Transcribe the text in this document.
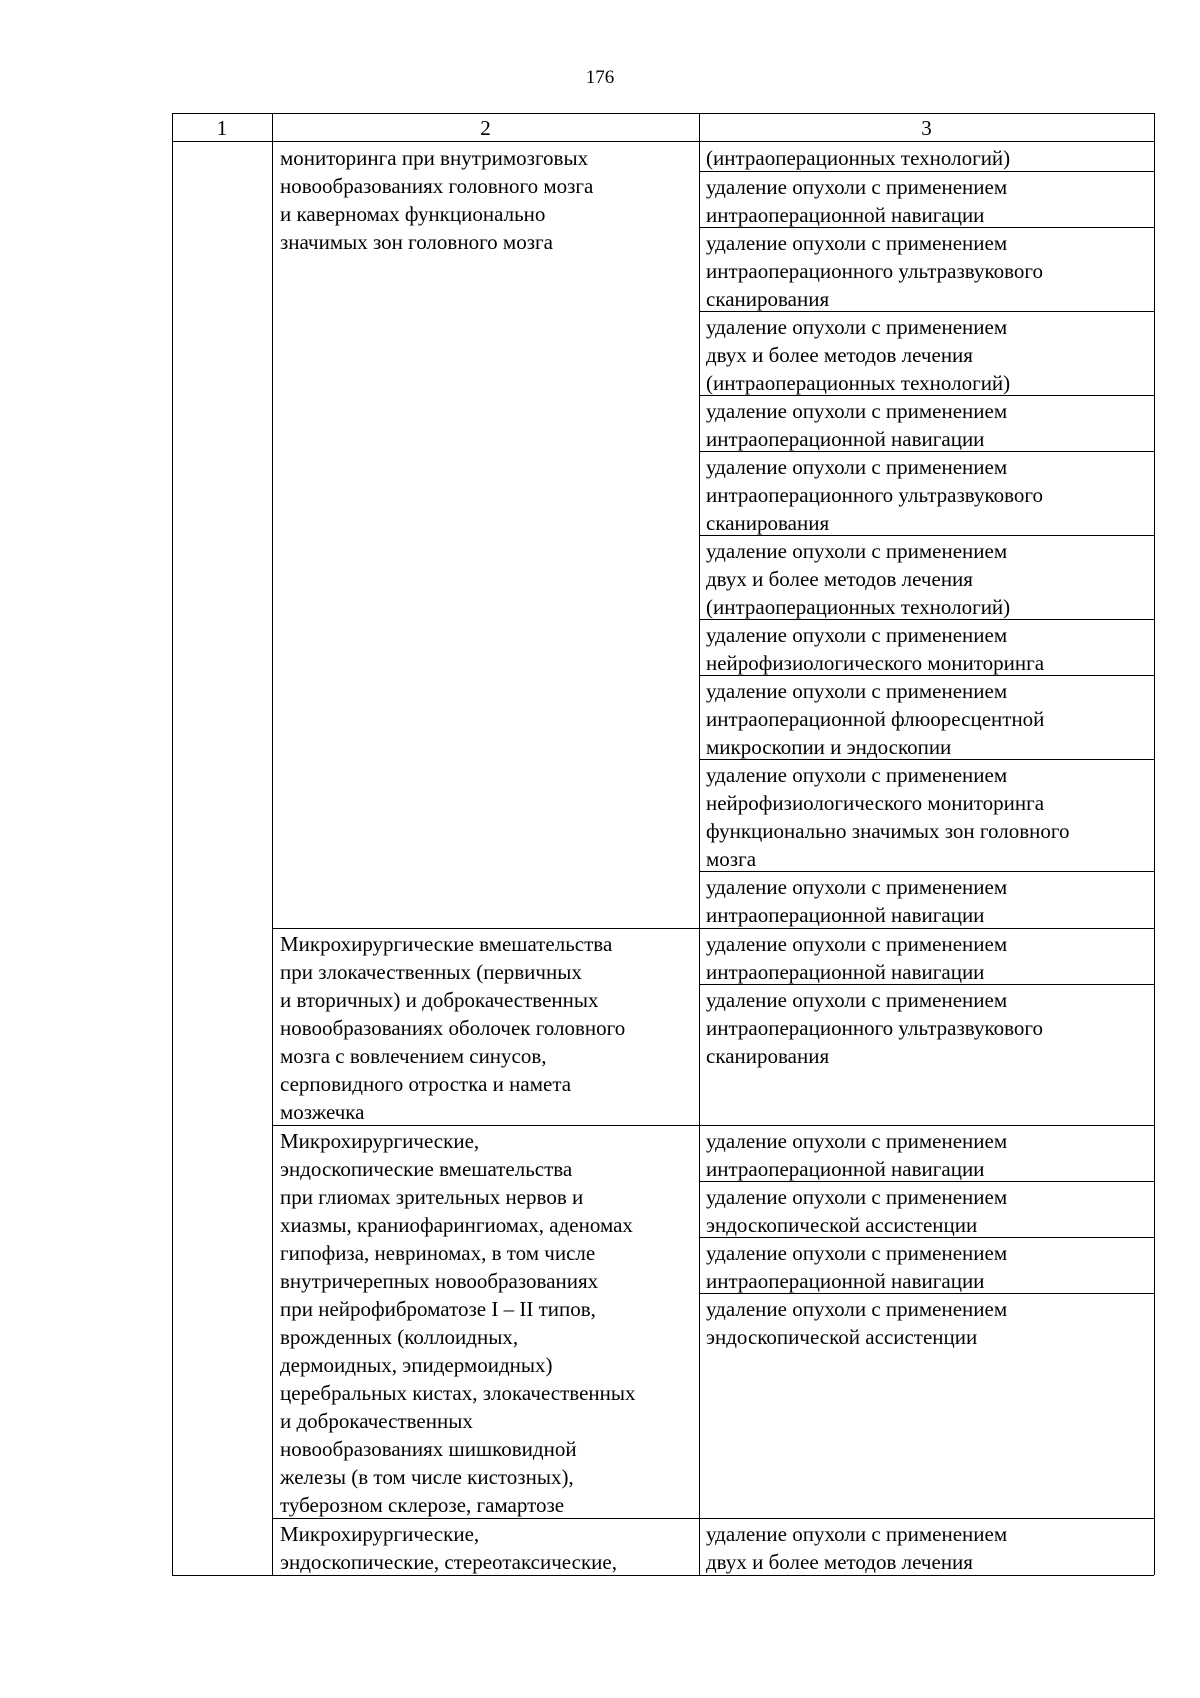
176
1	2	3
мониторинга при внутримозговых
новообразованиях головного мозга
и каверномах функционально
значимых зон головного мозга
Микрохирургические вмешательства
при злокачественных (первичных
и вторичных) и доброкачественных
новообразованиях оболочек головного
мозга с вовлечением синусов,
серповидного отростка и намета
мозжечка
Микрохирургические,
эндоскопические вмешательства
при глиомах зрительных нервов и
хиазмы, краниофарингиомах, аденомах
гипофиза, невриномах, в том числе
внутричерепных новообразованиях
при нейрофиброматозе I – II типов,
врожденных (коллоидных,
дермоидных, эпидермоидных)
церебральных кистах, злокачественных
и доброкачественных
новообразованиях шишковидной
железы (в том числе кистозных),
туберозном склерозе, гамартозе
Микрохирургические,
эндоскопические, стереотаксические,
(интраоперационных технологий)
удаление опухоли с применением
интраоперационной навигации
удаление опухоли с применением
интраоперационного ультразвукового
сканирования
удаление опухоли с применением
двух и более методов лечения
(интраоперационных технологий)
удаление опухоли с применением
интраоперационной навигации
удаление опухоли с применением
интраоперационного ультразвукового
сканирования
удаление опухоли с применением
двух и более методов лечения
(интраоперационных технологий)
удаление опухоли с применением
нейрофизиологического мониторинга
удаление опухоли с применением
интраоперационной флюоресцентной
микроскопии и эндоскопии
удаление опухоли с применением
нейрофизиологического мониторинга
функционально значимых зон головного
мозга
удаление опухоли с применением
интраоперационной навигации
удаление опухоли с применением
интраоперационной навигации
удаление опухоли с применением
интраоперационного ультразвукового
сканирования
удаление опухоли с применением
интраоперационной навигации
удаление опухоли с применением
эндоскопической ассистенции
удаление опухоли с применением
интраоперационной навигации
удаление опухоли с применением
эндоскопической ассистенции
удаление опухоли с применением
двух и более методов лечения
